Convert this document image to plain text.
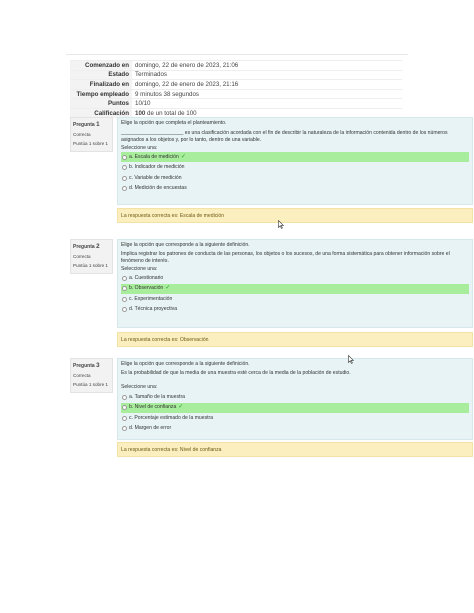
Comenzado en	domingo, 22 de enero de 2023, 21:06
Estado	Terminados
Finalizado en	domingo, 22 de enero de 2023, 21:16
Tiempo empleado	9 minutos 38 segundos
Puntos	10/10
Calificación	100 de un total de 100
Pregunta 1
Correcta
Puntúa 1 sobre 1

Elige la opción que completa el planteamiento.

______________________ es una clasificación acordada con el fin de describir la naturaleza de la información contenida dentro de los números asignados a los objetos y, por lo tanto, dentro de una variable.

Seleccione una:

a. Escala de medición ✓
b. Indicador de medición
c. Variable de medición
d. Medición de encuestas
La respuesta correcta es: Escala de medición
Pregunta 2
Correcta
Puntúa 1 sobre 1

Elige la opción que corresponde a la siguiente definición.

Implica registrar los patrones de conducta de las personas, los objetos o los sucesos, de una forma sistemática para obtener información sobre el fenómeno de interés.

Seleccione una:

a. Cuestionario
b. Observación ✓
c. Experimentación
d. Técnica proyectiva
La respuesta correcta es: Observación
Pregunta 3
Correcta
Puntúa 1 sobre 1

Elige la opción que corresponde a la siguiente definición.

Es la probabilidad de que la media de una muestra esté cerca de la media de la población de estudio.

Seleccione una:

a. Tamaño de la muestra
b. Nivel de confianza ✓
c. Porcentaje estimado de la muestra
d. Margen de error
La respuesta correcta es: Nivel de confianza
